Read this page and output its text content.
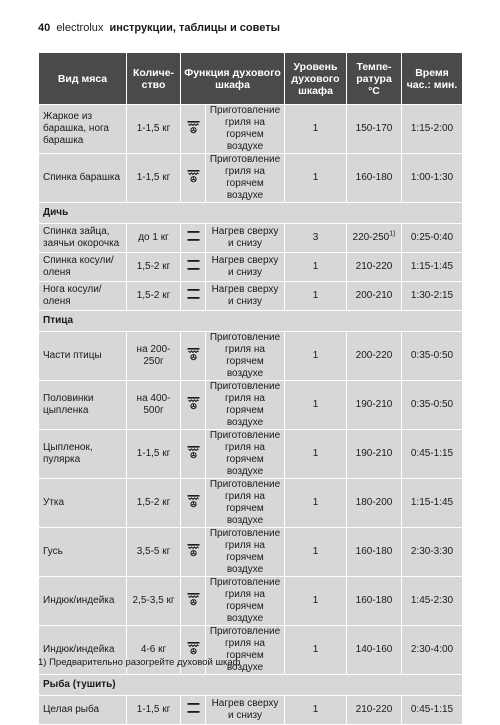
40 electrolux инструкции, таблицы и советы
Вид мяса	Количе-ство	Функция духового шкафа		Уровень духового шкафа	Темпе-ратура °C	Время час.: мин.
Жаркое из барашка, нога барашка	1-1,5 кг		Приготовление гриля на горячем воздухе	1	150-170	1:15-2:00
Спинка барашка	1-1,5 кг		Приготовление гриля на горячем воздухе	1	160-180	1:00-1:30
Дичь						
Спинка зайца, заячьи окорочка	до 1 кг		Нагрев сверху и снизу	3	220-250$^{1)}$	0:25-0:40
Спинка косули/ оленя	1,5-2 кг		Нагрев сверху и снизу	1	210-220	1:15-1:45
Нога косули/ оленя	1,5-2 кг		Нагрев сверху и снизу	1	200-210	1:30-2:15
Птица						
Части птицы	на 200-250г		Приготовление гриля на горячем воздухе	1	200-220	0:35-0:50
Половинки цыпленка	на 400-500г		Приготовление гриля на горячем воздухе	1	190-210	0:35-0:50
Цыпленок, пулярка	1-1,5 кг		Приготовление гриля на горячем воздухе	1	190-210	0:45-1:15
Утка	1,5-2 кг		Приготовление гриля на горячем воздухе	1	180-200	1:15-1:45
Гусь	3,5-5 кг		Приготовление гриля на горячем воздухе	1	160-180	2:30-3:30
Индюк/индейка	2,5-3,5 кг		Приготовление гриля на горячем воздухе	1	160-180	1:45-2:30
Индюк/индейка	4-6 кг		Приготовление гриля на горячем воздухе	1	140-160	2:30-4:00
Рыба (тушить)						
Целая рыба	1-1,5 кг		Нагрев сверху и снизу	1	210-220	0:45-1:15
1) Предварительно разогрейте духовой шкаф
